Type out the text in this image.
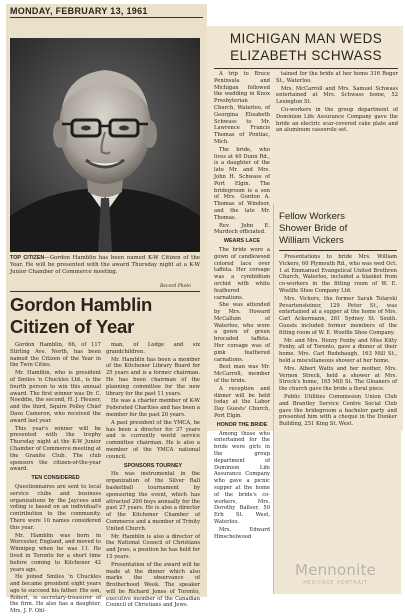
MONDAY, FEBRUARY 13, 1961
TOP CITIZEN—Gordon Hamblin has been named K-W Citizen of the Year. He will be presented with the award Thursday night at a K-W Junior Chamber of Commerce meeting.
Record Photo
Gordon Hamblin
Citizen of Year

Gordon Hamblin, 66, of 117 Stirling Ave. North, has been named the Citizen of the Year in the Twin Cities.

Mr. Hamblin, who is president of Smiles 'n Chuckles Ltd., is the fourth person to win this annual award. The first winner was Dr. C. Noeddie, the second, H. J. Heuser, and the third, Squire Polley Chief Dave Cameron, who received the award last year.

This year's winner will be presented with the trophy Thursday night at the K-W Junior Chamber of Commerce meeting at the Granite Club. The club sponsors the citizen-of-the-year award.

TEN CONSIDERED

Questionnaires are sent to local service clubs and business organizations by the Jaycees and voting is based on an individual's contribution to the community. There were 10 names considered this year.

Mr. Hamblin was born in Worcester, England, and moved to Winnipeg when he was 11. He lived in Toronto for a short time before coming to Kitchener 42 years ago.

He joined Smiles 'n Chuckles and became president eight years ago to succeed his father. His son, Robert, is secretary-treasurer of the firm. He also has a daughter, Mrs. J. F. Ohl-

man, of Lodge and six grandchildren.

Mr. Hamblin has been a member of the Kitchener Library Board for 25 years and is a former chairman. He has been chairman of the planning committee for the new library for the past 11 years.

He was a charter member of K-W Federated Charities and has been a member for the past 20 years.

A past president of the YMCA, he has been a director for 37 years and is currently world service committee chairman. He is also a member of the YMCA national council.

SPONSORS TOURNEY

He was instrumental in the organization of the Silver Ball basketball tournament by sponsoring the event, which has attracted 200 boys annually for the past 27 years. He is also a director of the Kitchener Chamber of Commerce and a member of Trinity United Church.

Mr. Hamblin is also a director of the National Council of Christians and Jews, a position he has held for 15 years.

Presentation of the award will be made at the dinner which also marks the observance of Brotherhood Week. The speaker will be Richard Jones of Toronto, executive member of the Canadian Council of Christians and Jews.

MICHIGAN MAN WEDS
ELIZABETH SCHWASS

A trip to Bruce Peninsula and Michigan followed the wedding in Knox Presbyterian Church, Waterloo, of Georgina Elizabeth Schwass to Mr. Lawrence Francis Thomas of Pontiac, Mich.

The bride, who lives at 40 Dunn Rd., is a daughter of the late Mr. and Mrs. John H. Schwass of Port Elgin. The bridegroom is a son of Mrs. Gordon A. Thomas of Windsor, and the late Mr. Thomas.

Rev. John E. Murdoch officiated.

WEARS LACE

The bride wore a gown of candlewood colored lace over taffeta. Her corsage was a cymbidium orchid with white feathered carnations.

She was attended by Mrs. Howard McCallum of Waterloo, who wore a gown of green brocaded taffeta. Her corsage was of pink feathered carnations.

Best man was Mr. McCarroll, member of the bride.

A reception and dinner will be held today at the Labor Day Guests' Church, Port Elgin.

HONOR THE BRIDE

Among those who entertained for the bride were girls in the group department of Dominion Life Assurance Company who gave a picnic supper at the home of the bride's co-workers, Mrs. Dorothy Ballser, 50 Erb St. West, Waterloo.

Mrs. Edward Hinschelwood

tained for the bride at her home 316 Roger St., Waterloo.

Mrs. McCarroll and Mrs. Samuel Schwass entertained at Mrs. Schwass home, 52 Lexington St.

Co-workers in the group department of Dominion Life Assurance Company gave the bride an electric scar-covered cake plate and an aluminum casserole set.

Fellow Workers
Shower Bride of
William Vickers

Presentations to bride Mrs. William Vickers, 60 Plymouth Rd., who was wed Oct. 1 at Emmanuel Evangelical United Brethren Church, Waterloo, included a blanket from co-workers in the fitting room of W. E. Woelfle Shoe Company Ltd.

Mrs. Vickers, the former Sarah Tolarski Pevartensteiner, 129 Peter St., was entertained at a supper at the home of Mrs. Carl Ackermann, 261 Sydney St. South. Guests included former members of the fitting room of W. E. Woelfle Shoe Company.

Mr. and Mrs. Henry Fenby and Miss Kitty Fenby, all of Toronto, gave a dinner at their home. Mrs. Carl Redebaugh, 163 Mill St., held a miscellaneous shower at her home.

Mrs. Albert Watts and her mother, Mrs. Vernon Streck, held a shower at Mrs. Streck's home, 165 Mill St. The Gloaners of the church gave the bride a floral piece.

Public Utilities Commission Union Club and Brantley Service Centre Social Club gave the bridegroom a bachelor party and presented him with a cheque in the Dunker Building, 251 King St. West.

Mennonite
HERITAGE PORTRAIT
